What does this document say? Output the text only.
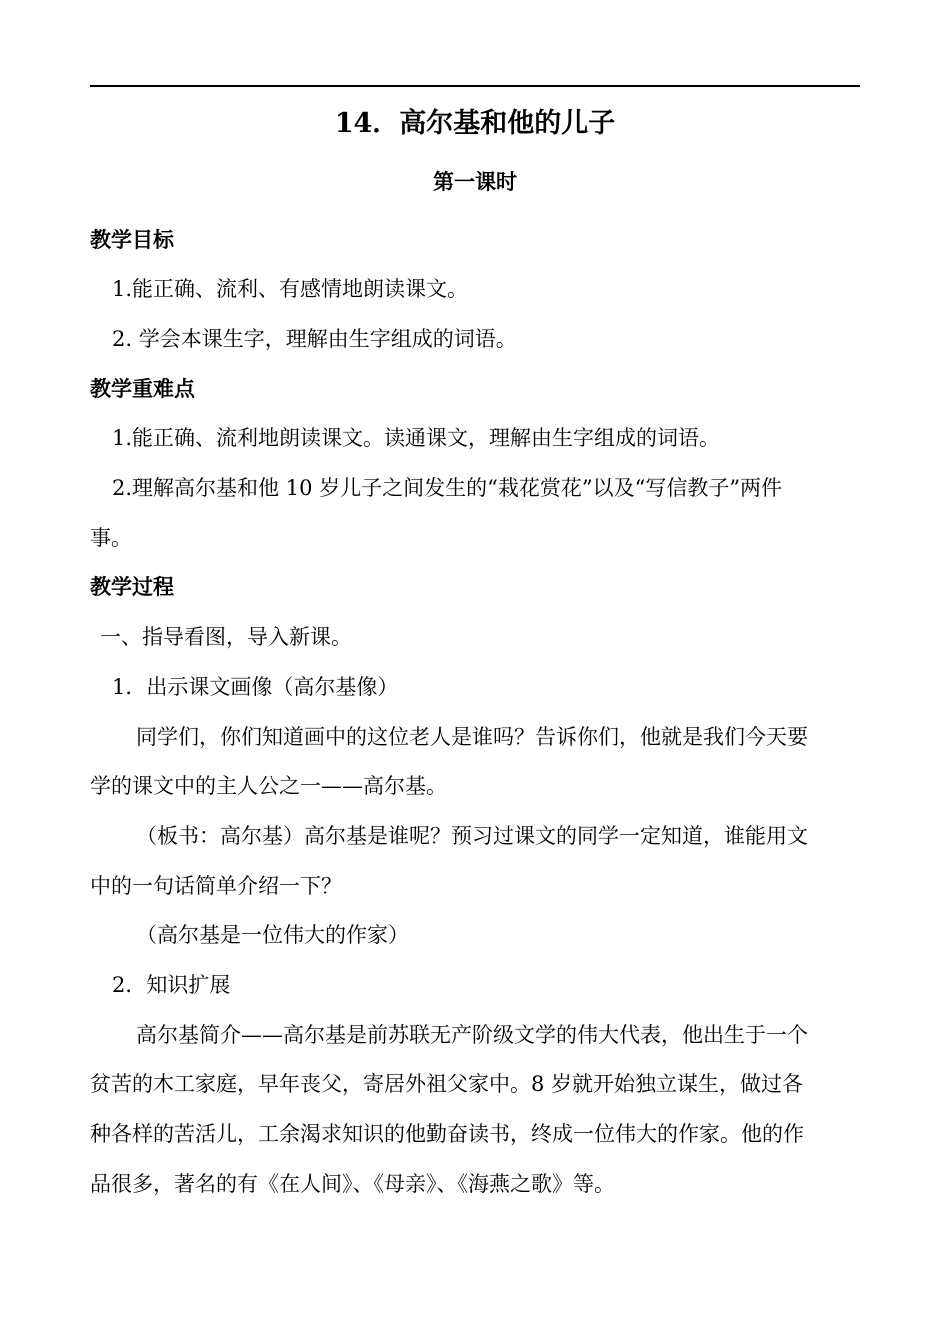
14．高尔基和他的儿子
第一课时
教学目标
1.能正确、流利、有感情地朗读课文。
2. 学会本课生字，理解由生字组成的词语。
教学重难点
1.能正确、流利地朗读课文。读通课文，理解由生字组成的词语。
2.理解高尔基和他 10 岁儿子之间发生的“栽花赏花”以及“写信教子”两件
事。
教学过程
一、指导看图，导入新课。
1．出示课文画像（高尔基像）
同学们，你们知道画中的这位老人是谁吗？告诉你们，他就是我们今天要
学的课文中的主人公之一——高尔基。
（板书：高尔基）高尔基是谁呢？预习过课文的同学一定知道，谁能用文
中的一句话简单介绍一下？
（高尔基是一位伟大的作家）
2．知识扩展
高尔基简介——高尔基是前苏联无产阶级文学的伟大代表，他出生于一个
贫苦的木工家庭，早年丧父，寄居外祖父家中。8 岁就开始独立谋生，做过各
种各样的苦活儿，工余渴求知识的他勤奋读书，终成一位伟大的作家。他的作
品很多，著名的有《在人间》、《母亲》、《海燕之歌》等。
